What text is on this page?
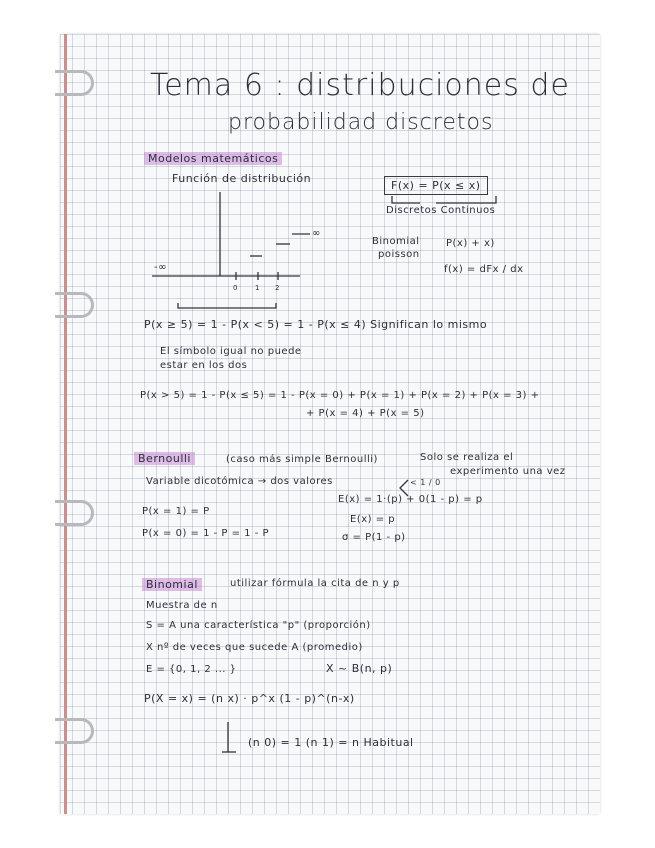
Tema 6 : distribuciones de
probabilidad discretos
Modelos matemáticos
Función de distribución
F(x) = P(x ≤ x)
Discretos Continuos
Binomial
poisson
P(x) + x)
f(x) = dFx / dx
-∞
∞
0 1 2
P(x ≥ 5) = 1 - P(x < 5) = 1 - P(x ≤ 4) Significan lo mismo
El símbolo igual no puede
estar en los dos
P(x > 5) = 1 - P(x ≤ 5) = 1 - P(x = 0) + P(x = 1) + P(x = 2) + P(x = 3) +
+ P(x = 4) + P(x = 5)
Bernoulli	(caso más simple Bernoulli)	Solo se realiza el
experimento una vez
Variable dicotómica → dos valores	< 1 / 0
E(x) = 1·(p) + 0(1 - p) = p
P(x = 1) = P
P(x = 0) = 1 - P = 1 - P
E(x) = p
σ = P(1 - p)
Binomial	utilizar fórmula la cita de n y p
Muestra de n
S = A una característica "p" (proporción)
X nº de veces que sucede A (promedio)
E = {0, 1, 2 ... }	X ~ B(n, p)
P(X = x) = (n x) · p^x (1 - p)^(n-x)
(n 0) = 1 (n 1) = n Habitual
